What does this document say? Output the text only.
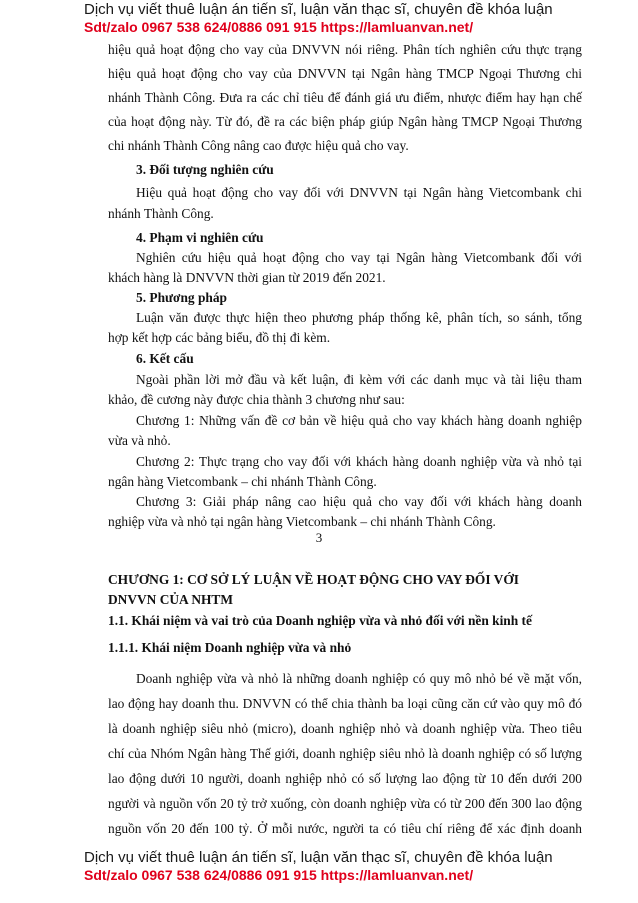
Dịch vụ viết thuê luận án tiến sĩ, luận văn thạc sĩ, chuyên đề khóa luận
Sdt/zalo 0967 538 624/0886 091 915 https://lamluanvan.net/
hiệu quả hoạt động cho vay của DNVVN nói riêng. Phân tích nghiên cứu thực trạng
hiệu quả hoạt động cho vay của DNVVN tại Ngân hàng TMCP Ngoại Thương chi
nhánh Thành Công. Đưa ra các chỉ tiêu để đánh giá ưu điểm, nhược điểm hay hạn chế
của hoạt động này. Từ đó, đề ra các biện pháp giúp Ngân hàng TMCP Ngoại Thương
chi nhánh Thành Công nâng cao được hiệu quả cho vay.
3. Đối tượng nghiên cứu
Hiệu quả hoạt động cho vay đối với DNVVN tại Ngân hàng Vietcombank chi
nhánh Thành Công.
4. Phạm vi nghiên cứu
Nghiên cứu hiệu quả hoạt động cho vay tại Ngân hàng Vietcombank đối với
khách hàng là DNVVN thời gian từ 2019 đến 2021.
5. Phương pháp
Luận văn được thực hiện theo phương pháp thống kê, phân tích, so sánh, tổng
hợp kết hợp các bảng biểu, đồ thị đi kèm.
6. Kết cấu
Ngoài phần lời mở đầu và kết luận, đi kèm với các danh mục và tài liệu tham
khảo, đề cương này được chia thành 3 chương như sau:
Chương 1: Những vấn đề cơ bản về hiệu quả cho vay khách hàng doanh nghiệp
vừa và nhỏ.
Chương 2: Thực trạng cho vay đối với khách hàng doanh nghiệp vừa và nhỏ tại
ngân hàng Vietcombank – chi nhánh Thành Công.
Chương 3: Giải pháp nâng cao hiệu quả cho vay đối với khách hàng doanh
nghiệp vừa và nhỏ tại ngân hàng Vietcombank – chi nhánh Thành Công.
3
CHƯƠNG 1: CƠ SỞ LÝ LUẬN VỀ HOẠT ĐỘNG CHO VAY ĐỐI VỚI
DNVVN CỦA NHTM
1.1. Khái niệm và vai trò của Doanh nghiệp vừa và nhỏ đối với nền kinh tế
1.1.1. Khái niệm Doanh nghiệp vừa và nhỏ
Doanh nghiệp vừa và nhỏ là những doanh nghiệp có quy mô nhỏ bé về mặt vốn,
lao động hay doanh thu. DNVVN có thể chia thành ba loại cũng căn cứ vào quy mô đó
là doanh nghiệp siêu nhỏ (micro), doanh nghiệp nhỏ và doanh nghiệp vừa. Theo tiêu
chí của Nhóm Ngân hàng Thế giới, doanh nghiệp siêu nhỏ là doanh nghiệp có số lượng
lao động dưới 10 người, doanh nghiệp nhỏ có số lượng lao động từ 10 đến dưới 200
người và nguồn vốn 20 tỷ trở xuống, còn doanh nghiệp vừa có từ 200 đến 300 lao động
nguồn vốn 20 đến 100 tỷ. Ở mỗi nước, người ta có tiêu chí riêng để xác định doanh
Dịch vụ viết thuê luận án tiến sĩ, luận văn thạc sĩ, chuyên đề khóa luận
Sdt/zalo 0967 538 624/0886 091 915 https://lamluanvan.net/
